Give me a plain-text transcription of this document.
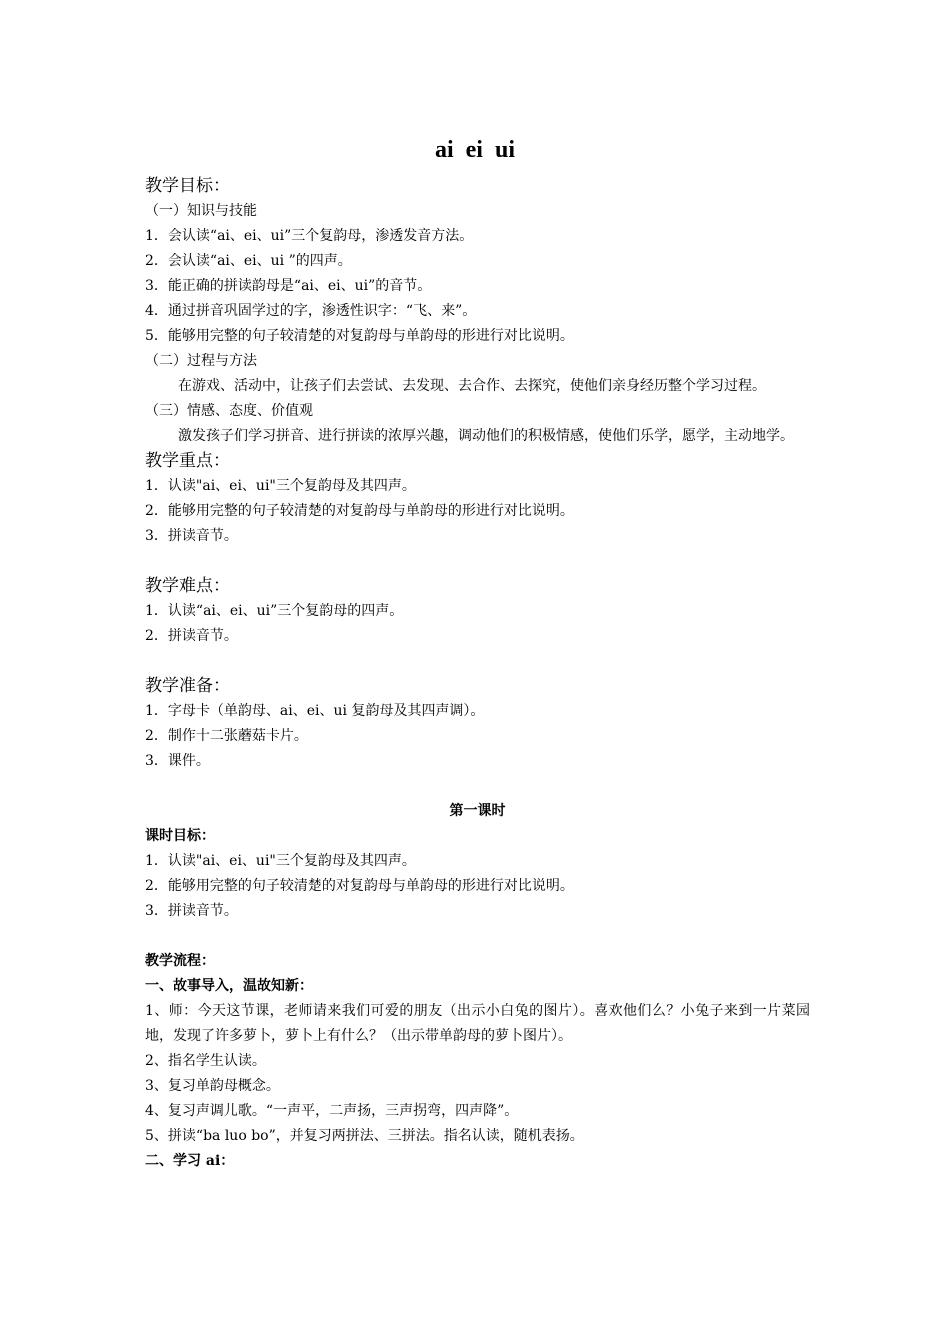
ai ei ui
教学目标：
（一）知识与技能
1．会认读“ai、ei、ui”三个复韵母，渗透发音方法。
2．会认读“ai、ei、ui ”的四声。
3．能正确的拼读韵母是“ai、ei、ui”的音节。
4．通过拼音巩固学过的字，渗透性识字：“飞、来”。
5．能够用完整的句子较清楚的对复韵母与单韵母的形进行对比说明。
（二）过程与方法
在游戏、活动中，让孩子们去尝试、去发现、去合作、去探究，使他们亲身经历整个学习过程。
（三）情感、态度、价值观
激发孩子们学习拼音、进行拼读的浓厚兴趣，调动他们的积极情感，使他们乐学，愿学，主动地学。
教学重点：
1．认读"ai、ei、ui"三个复韵母及其四声。
2．能够用完整的句子较清楚的对复韵母与单韵母的形进行对比说明。
3．拼读音节。
教学难点：
1．认读“ai、ei、ui”三个复韵母的四声。
2．拼读音节。
教学准备：
1．字母卡（单韵母、ai、ei、ui 复韵母及其四声调）。
2．制作十二张蘑菇卡片。
3．课件。
第一课时
课时目标：
1．认读"ai、ei、ui"三个复韵母及其四声。
2．能够用完整的句子较清楚的对复韵母与单韵母的形进行对比说明。
3．拼读音节。
教学流程：
一、故事导入，温故知新：
1、师：今天这节课，老师请来我们可爱的朋友（出示小白兔的图片）。喜欢他们么？小兔子来到一片菜园地，发现了许多萝卜，萝卜上有什么？（出示带单韵母的萝卜图片）。
2、指名学生认读。
3、复习单韵母概念。
4、复习声调儿歌。“一声平，二声扬，三声拐弯，四声降”。
5、拼读“ba luo bo”，并复习两拼法、三拼法。指名认读，随机表扬。
二、学习 ai：
